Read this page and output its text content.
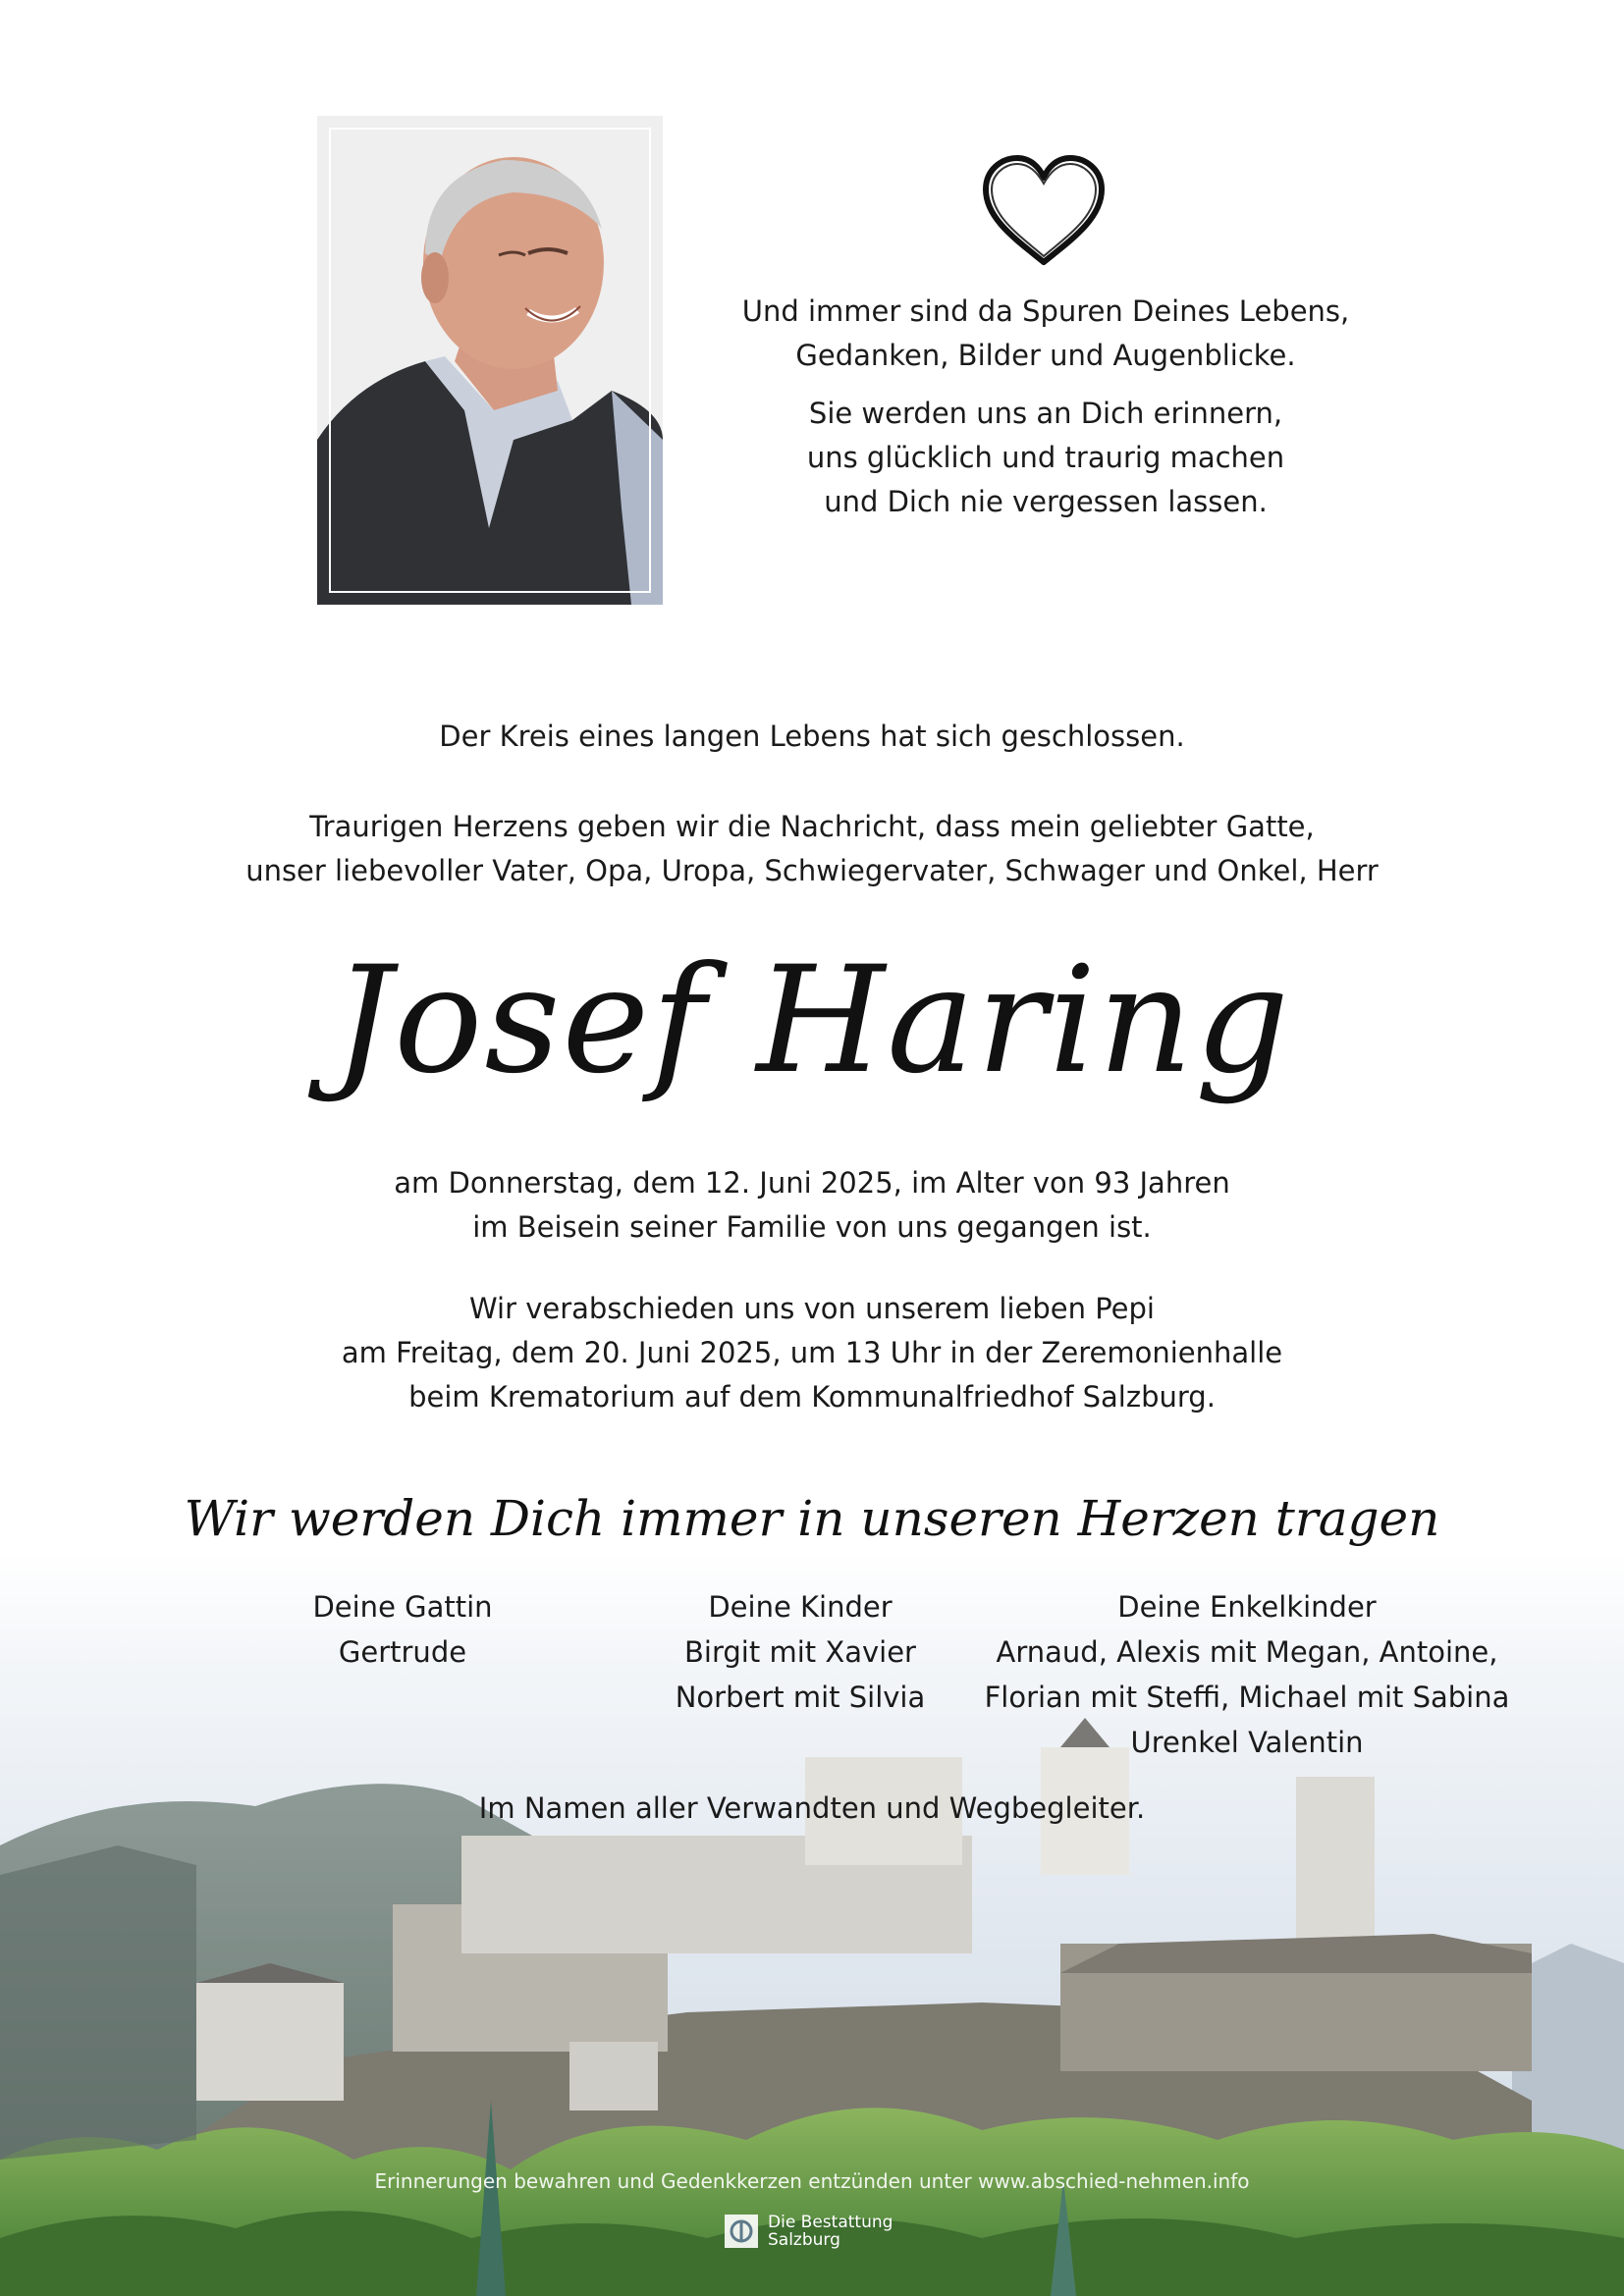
Und immer sind da Spuren Deines Lebens,
Gedanken, Bilder und Augenblicke.
Sie werden uns an Dich erinnern,
uns glücklich und traurig machen
und Dich nie vergessen lassen.
Der Kreis eines langen Lebens hat sich geschlossen.
Traurigen Herzens geben wir die Nachricht, dass mein geliebter Gatte,
unser liebevoller Vater, Opa, Uropa, Schwiegervater, Schwager und Onkel, Herr
Josef Haring
am Donnerstag, dem 12. Juni 2025, im Alter von 93 Jahren
im Beisein seiner Familie von uns gegangen ist.
Wir verabschieden uns von unserem lieben Pepi
am Freitag, dem 20. Juni 2025, um 13 Uhr in der Zeremonienhalle
beim Krematorium auf dem Kommunalfriedhof Salzburg.
Wir werden Dich immer in unseren Herzen tragen
Deine Gattin
Gertrude
Deine Kinder
Birgit mit Xavier
Norbert mit Silvia
Deine Enkelkinder
Arnaud, Alexis mit Megan, Antoine,
Florian mit Steffi, Michael mit Sabina
Urenkel Valentin
Im Namen aller Verwandten und Wegbegleiter.
Erinnerungen bewahren und Gedenkkerzen entzünden unter www.abschied-nehmen.info
Die Bestattung
Salzburg
